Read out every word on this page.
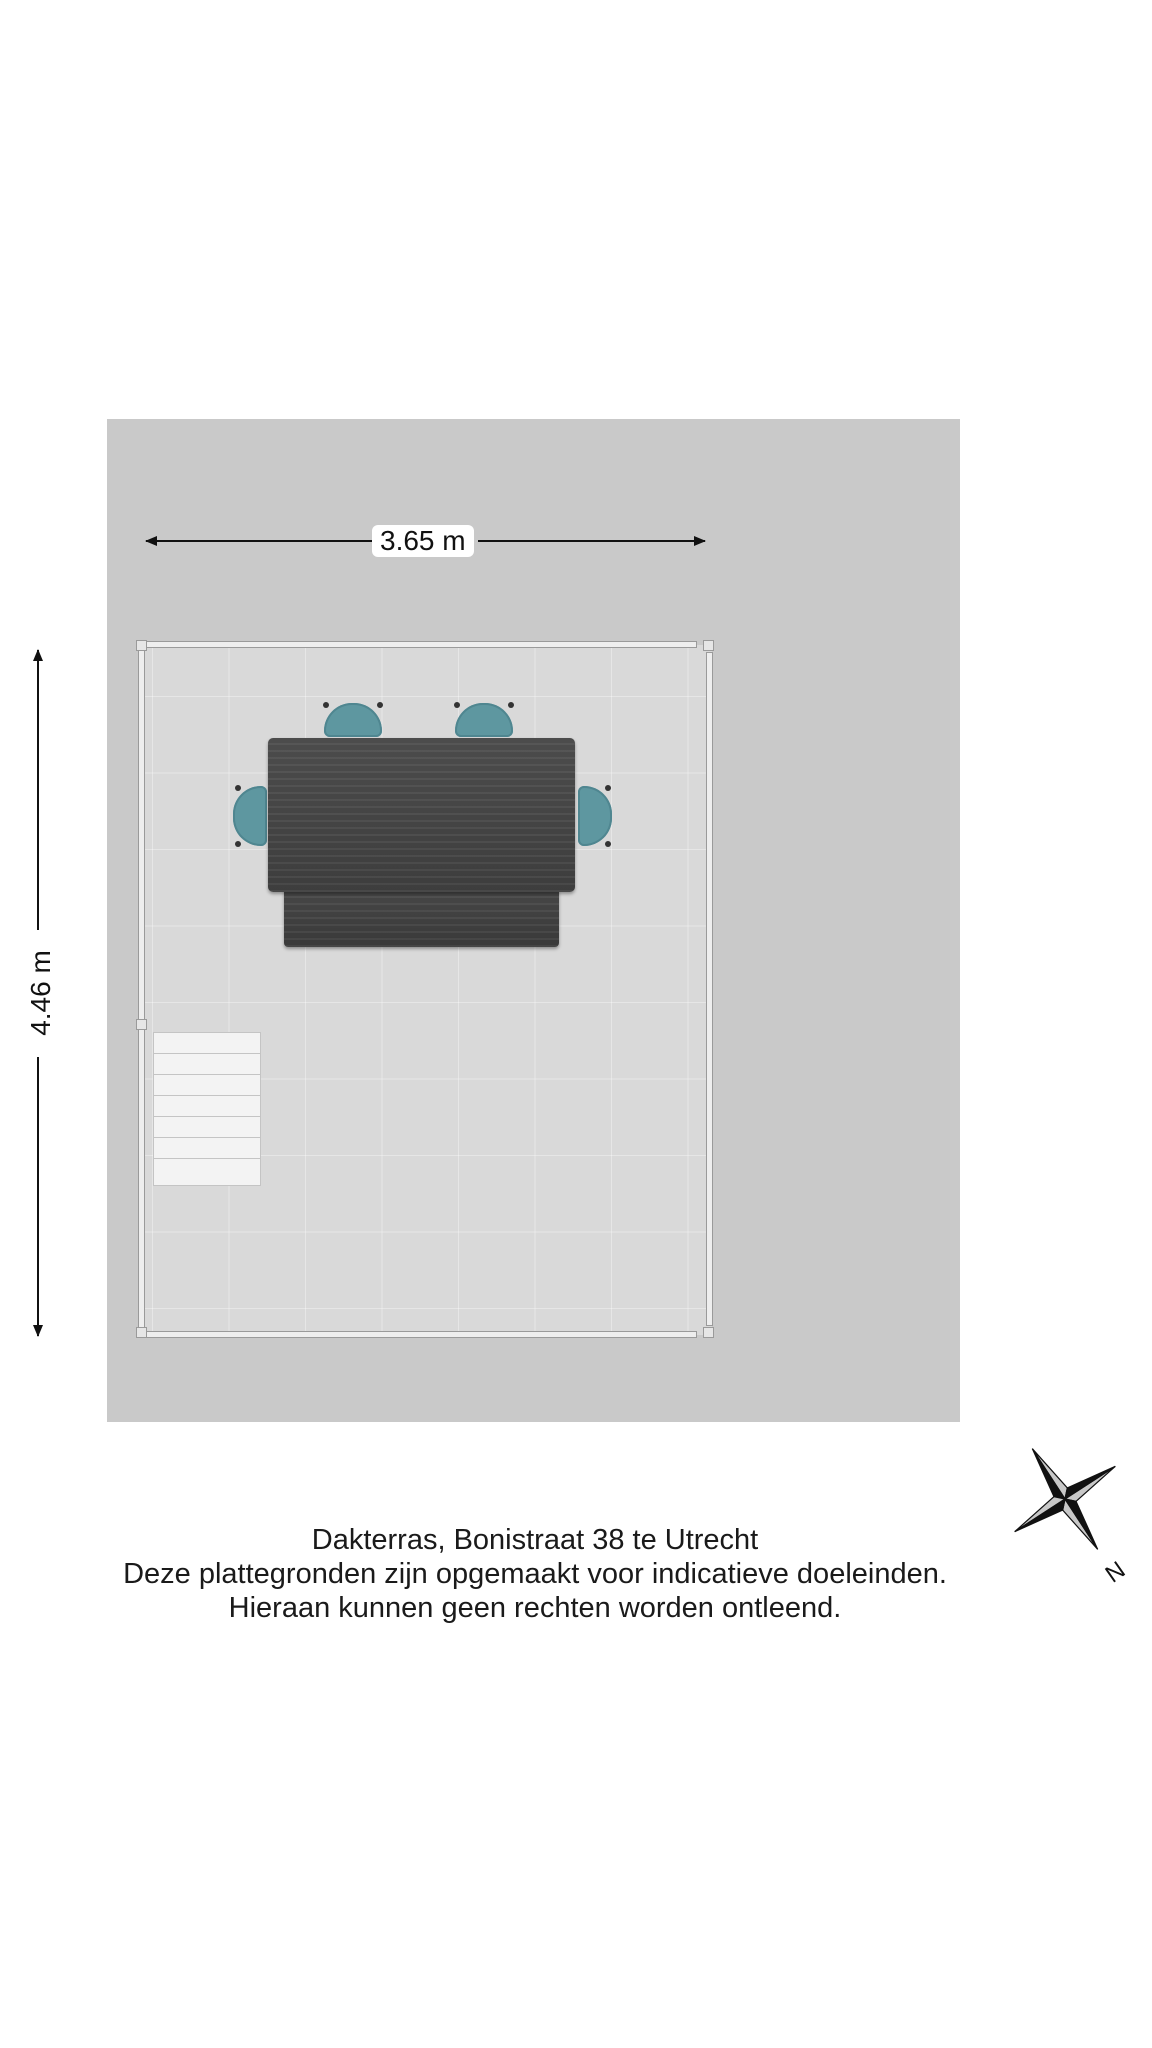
N
3.65 m
4.46 m
Dakterras, Bonistraat 38 te Utrecht
Deze plattegronden zijn opgemaakt voor indicatieve doeleinden.
Hieraan kunnen geen rechten worden ontleend.
